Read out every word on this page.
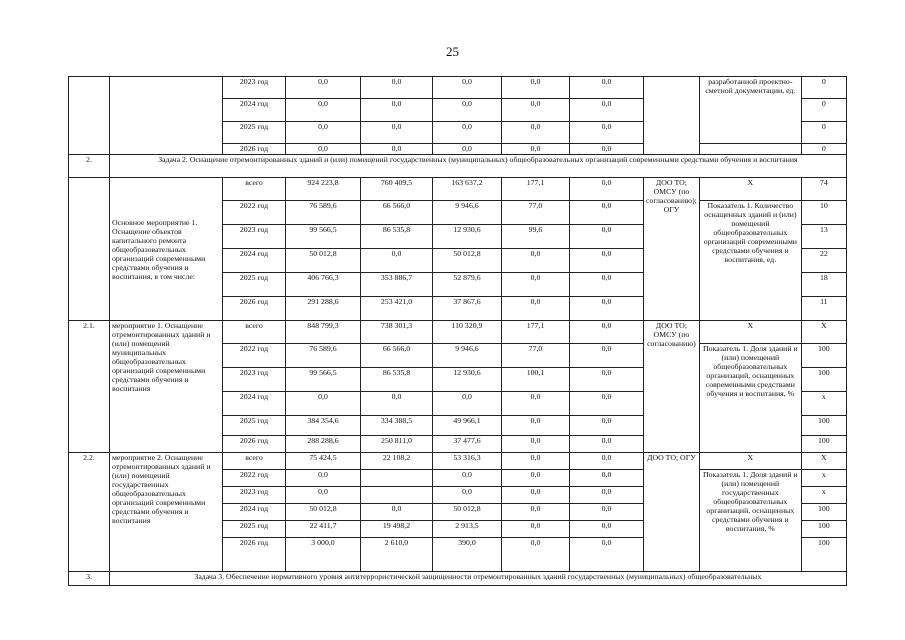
25
		2023 год	0,0	0,0	0,0	0,0	0,0		разработанной проектно-сметной документации, ед.	0
		2024 год	0,0	0,0	0,0	0,0	0,0			0
		2025 год	0,0	0,0	0,0	0,0	0,0			0
		2026 год	0,0	0,0	0,0	0,0	0,0			0
2.	Задача 2. Оснащение отремонтированных зданий и (или) помещений государственных (муниципальных) общеобразовательных организаций современными средствами обучения и воспитания									
	Основное мероприятие 1. Оснащение объектов капитального ремонта общеобразовательных организаций современными средствами обучения и воспитания, в том числе:	всего	924 223,8	760 409,5	163 637,2	177,1	0,0	ДОО ТО; ОМСУ (по согласованию); ОГУ	Х	74
		2022 год	76 589,6	66 566,0	9 946,6	77,0	0,0		Показатель 1. Количество оснащенных зданий и (или) помещений общеобразовательных организаций современными средствами обучения и воспитания, ед.	10
		2023 год	99 566,5	86 535,8	12 930,6	99,6	0,0			13
		2024 год	50 012,8	0,0	50 012,8	0,0	0,0			22
		2025 год	406 766,3	353 886,7	52 879,6	0,0	0,0			18
		2026 год	291 288,6	253 421,0	37 867,6	0,0	0,0			11
2.1.	мероприятие 1. Оснащение отремонтированных зданий и (или) помещений муниципальных общеобразовательных организаций современными средствами обучения и воспитания	всего	848 799,3	738 301,3	110 320,9	177,1	0,0	ДОО ТО; ОМСУ (по согласованию)	Х	Х
		2022 год	76 589,6	66 566,0	9 946,6	77,0	0,0		Показатель 1. Доля зданий и (или) помещений общеобразовательных организаций, оснащенных современными средствами обучения и воспитания, %	100
		2023 год	99 566,5	86 535,8	12 930,6	100,1	0,0			100
		2024 год	0,0	0,0	0,0	0,0	0,0			х
		2025 год	384 354,6	334 388,5	49 966,1	0,0	0,0			100
		2026 год	288 288,6	250 811,0	37 477,6	0,0	0,0			100
2.2.	мероприятие 2. Оснащение отремонтированных зданий и (или) помещений государственных общеобразовательных организаций современными средствами обучения и воспитания	всего	75 424,5	22 108,2	53 316,3	0,0	0,0	ДОО ТО; ОГУ	Х	Х
		2022 год	0,0		0,0	0,0	0,0		Показатель 1. Доля зданий и (или) помещений государственных общеобразовательных организаций, оснащенных средствами обучения и воспитания, %	х
		2023 год	0,0		0,0	0,0	0,0			х
		2024 год	50 012,8	0,0	50 012,8	0,0	0,0			100
		2025 год	22 411,7	19 498,2	2 913,5	0,0	0,0			100
		2026 год	3 000,0	2 610,0	390,0	0,0	0,0			100
3.	Задача 3. Обеспечение нормативного уровня антитеррористической защищенности отремонтированных зданий государственных (муниципальных) общеобразовательных									
